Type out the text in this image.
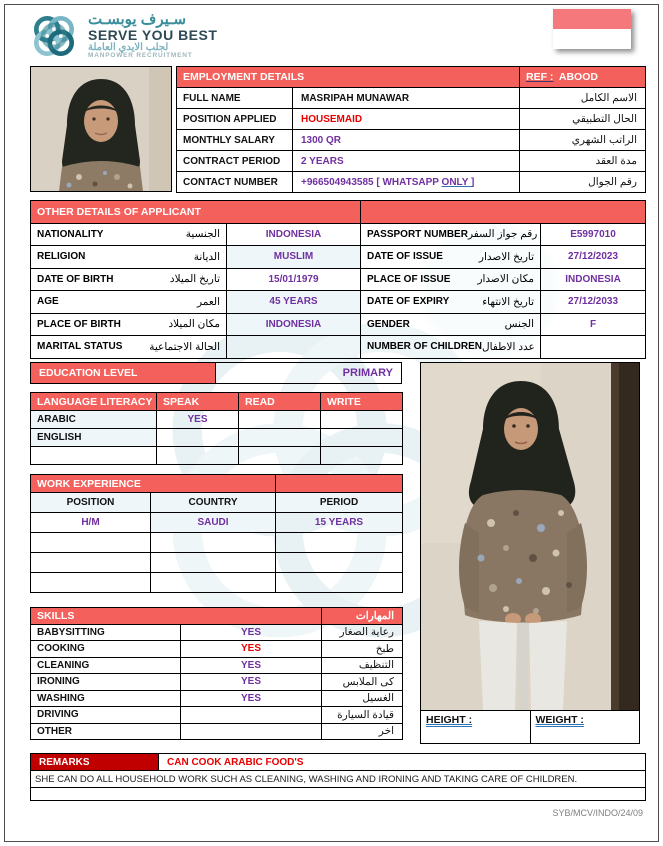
سـيرف يوبسـت
SERVE YOU BEST
لجلب الايدي العاملة
MANPOWER RECRUITMENT
EMPLOYMENT DETAILS		REF : ABOOD
FULL NAME	MASRIPAH MUNAWAR	الاسم الكامل
POSITION APPLIED	HOUSEMAID	الحال التطبيقي
MONTHLY SALARY	1300 QR	الراتب الشهري
CONTRACT PERIOD	2 YEARS	مدة العقد
CONTACT NUMBER	+966504943585 [ WHATSAPP ONLY ]	رقم الجوال
OTHER DETAILS OF APPLICANT			

NATIONALITY الجنسية	INDONESIA	PASSPORT NUMBER رقم جواز السفر	E5997010

RELIGION الديانة	MUSLIM	DATE OF ISSUE تاريخ الاصدار	27/12/2023

DATE OF BIRTH تاريخ الميلاد	15/01/1979	PLACE OF ISSUE مكان الاصدار	INDONESIA

AGE العمر	45 YEARS	DATE OF EXPIRY تاريخ الانتهاء	27/12/2033

PLACE OF BIRTH مكان الميلاد	INDONESIA	GENDER الجنس	F

MARITAL STATUS الحالة الاجتماعية		NUMBER OF CHILDREN عدد الاطفال	

EDUCATION LEVEL	PRIMARY
LANGUAGE LITERACY	SPEAK	READ	WRITE
ARABIC	YES		
ENGLISH			

WORK EXPERIENCE		
POSITION	COUNTRY	PERIOD
H/M	SAUDI	15 YEARS

SKILLS		المهارات
BABYSITTING	YES	رعاية الصغار
COOKING	YES	طبخ
CLEANING	YES	التنظيف
IRONING	YES	كى الملابس
WASHING	YES	الغسيل
DRIVING		قيادة السيارة
OTHER		اخر
HEIGHT :	WEIGHT :
REMARKS	CAN COOK ARABIC FOOD'S
SHE CAN DO ALL HOUSEHOLD WORK SUCH AS CLEANING, WASHING AND IRONING AND TAKING CARE OF CHILDREN.

SYB/MCV/INDO/24/09
